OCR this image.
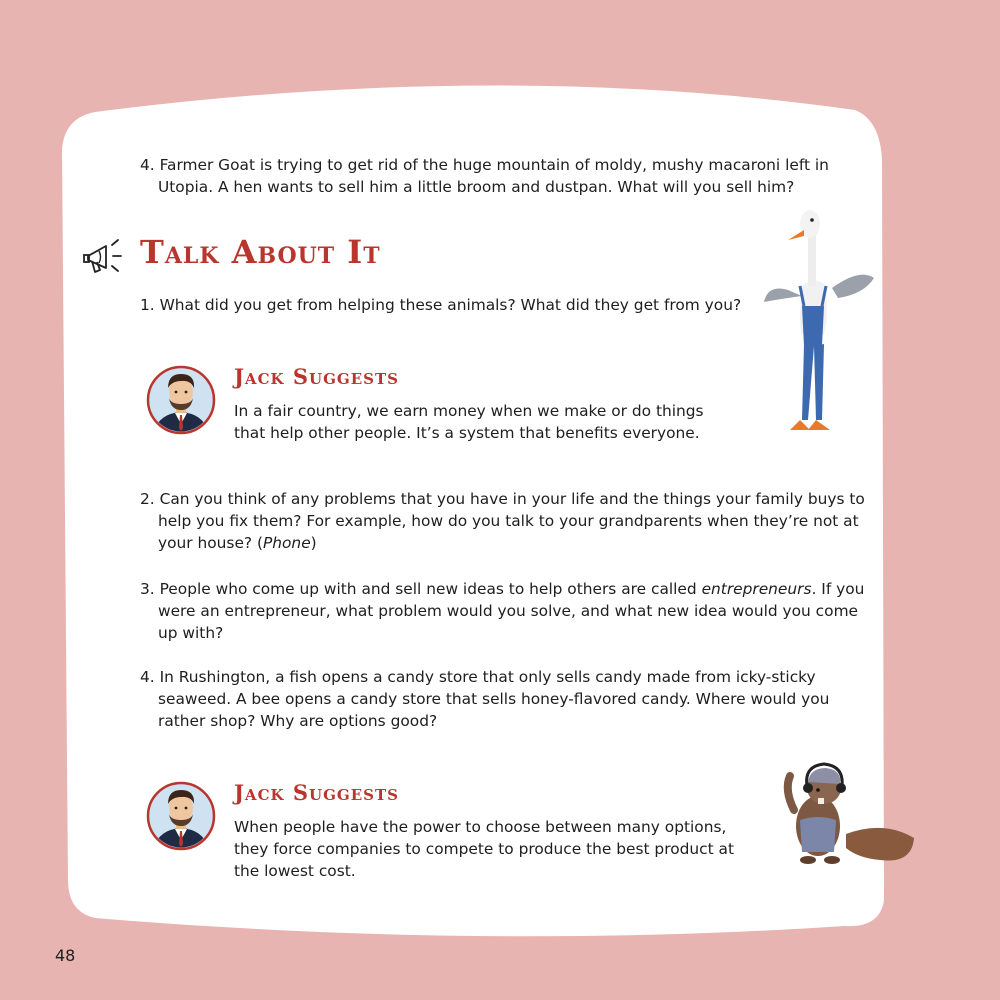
4. Farmer Goat is trying to get rid of the huge mountain of moldy, mushy macaroni left in Utopia. A hen wants to sell him a little broom and dustpan. What will you sell him?
Talk About It
1. What did you get from helping these animals? What did they get from you?
Jack Suggests
In a fair country, we earn money when we make or do things that help other people. It’s a system that benefits everyone.
2. Can you think of any problems that you have in your life and the things your family buys to help you fix them? For example, how do you talk to your grandparents when they’re not at your house? (Phone)
3. People who come up with and sell new ideas to help others are called entrepreneurs. If you were an entrepreneur, what problem would you solve, and what new idea would you come up with?
4. In Rushington, a fish opens a candy store that only sells candy made from icky-sticky seaweed. A bee opens a candy store that sells honey-flavored candy. Where would you rather shop? Why are options good?
Jack Suggests
When people have the power to choose between many options, they force companies to compete to produce the best product at the lowest cost.
48
